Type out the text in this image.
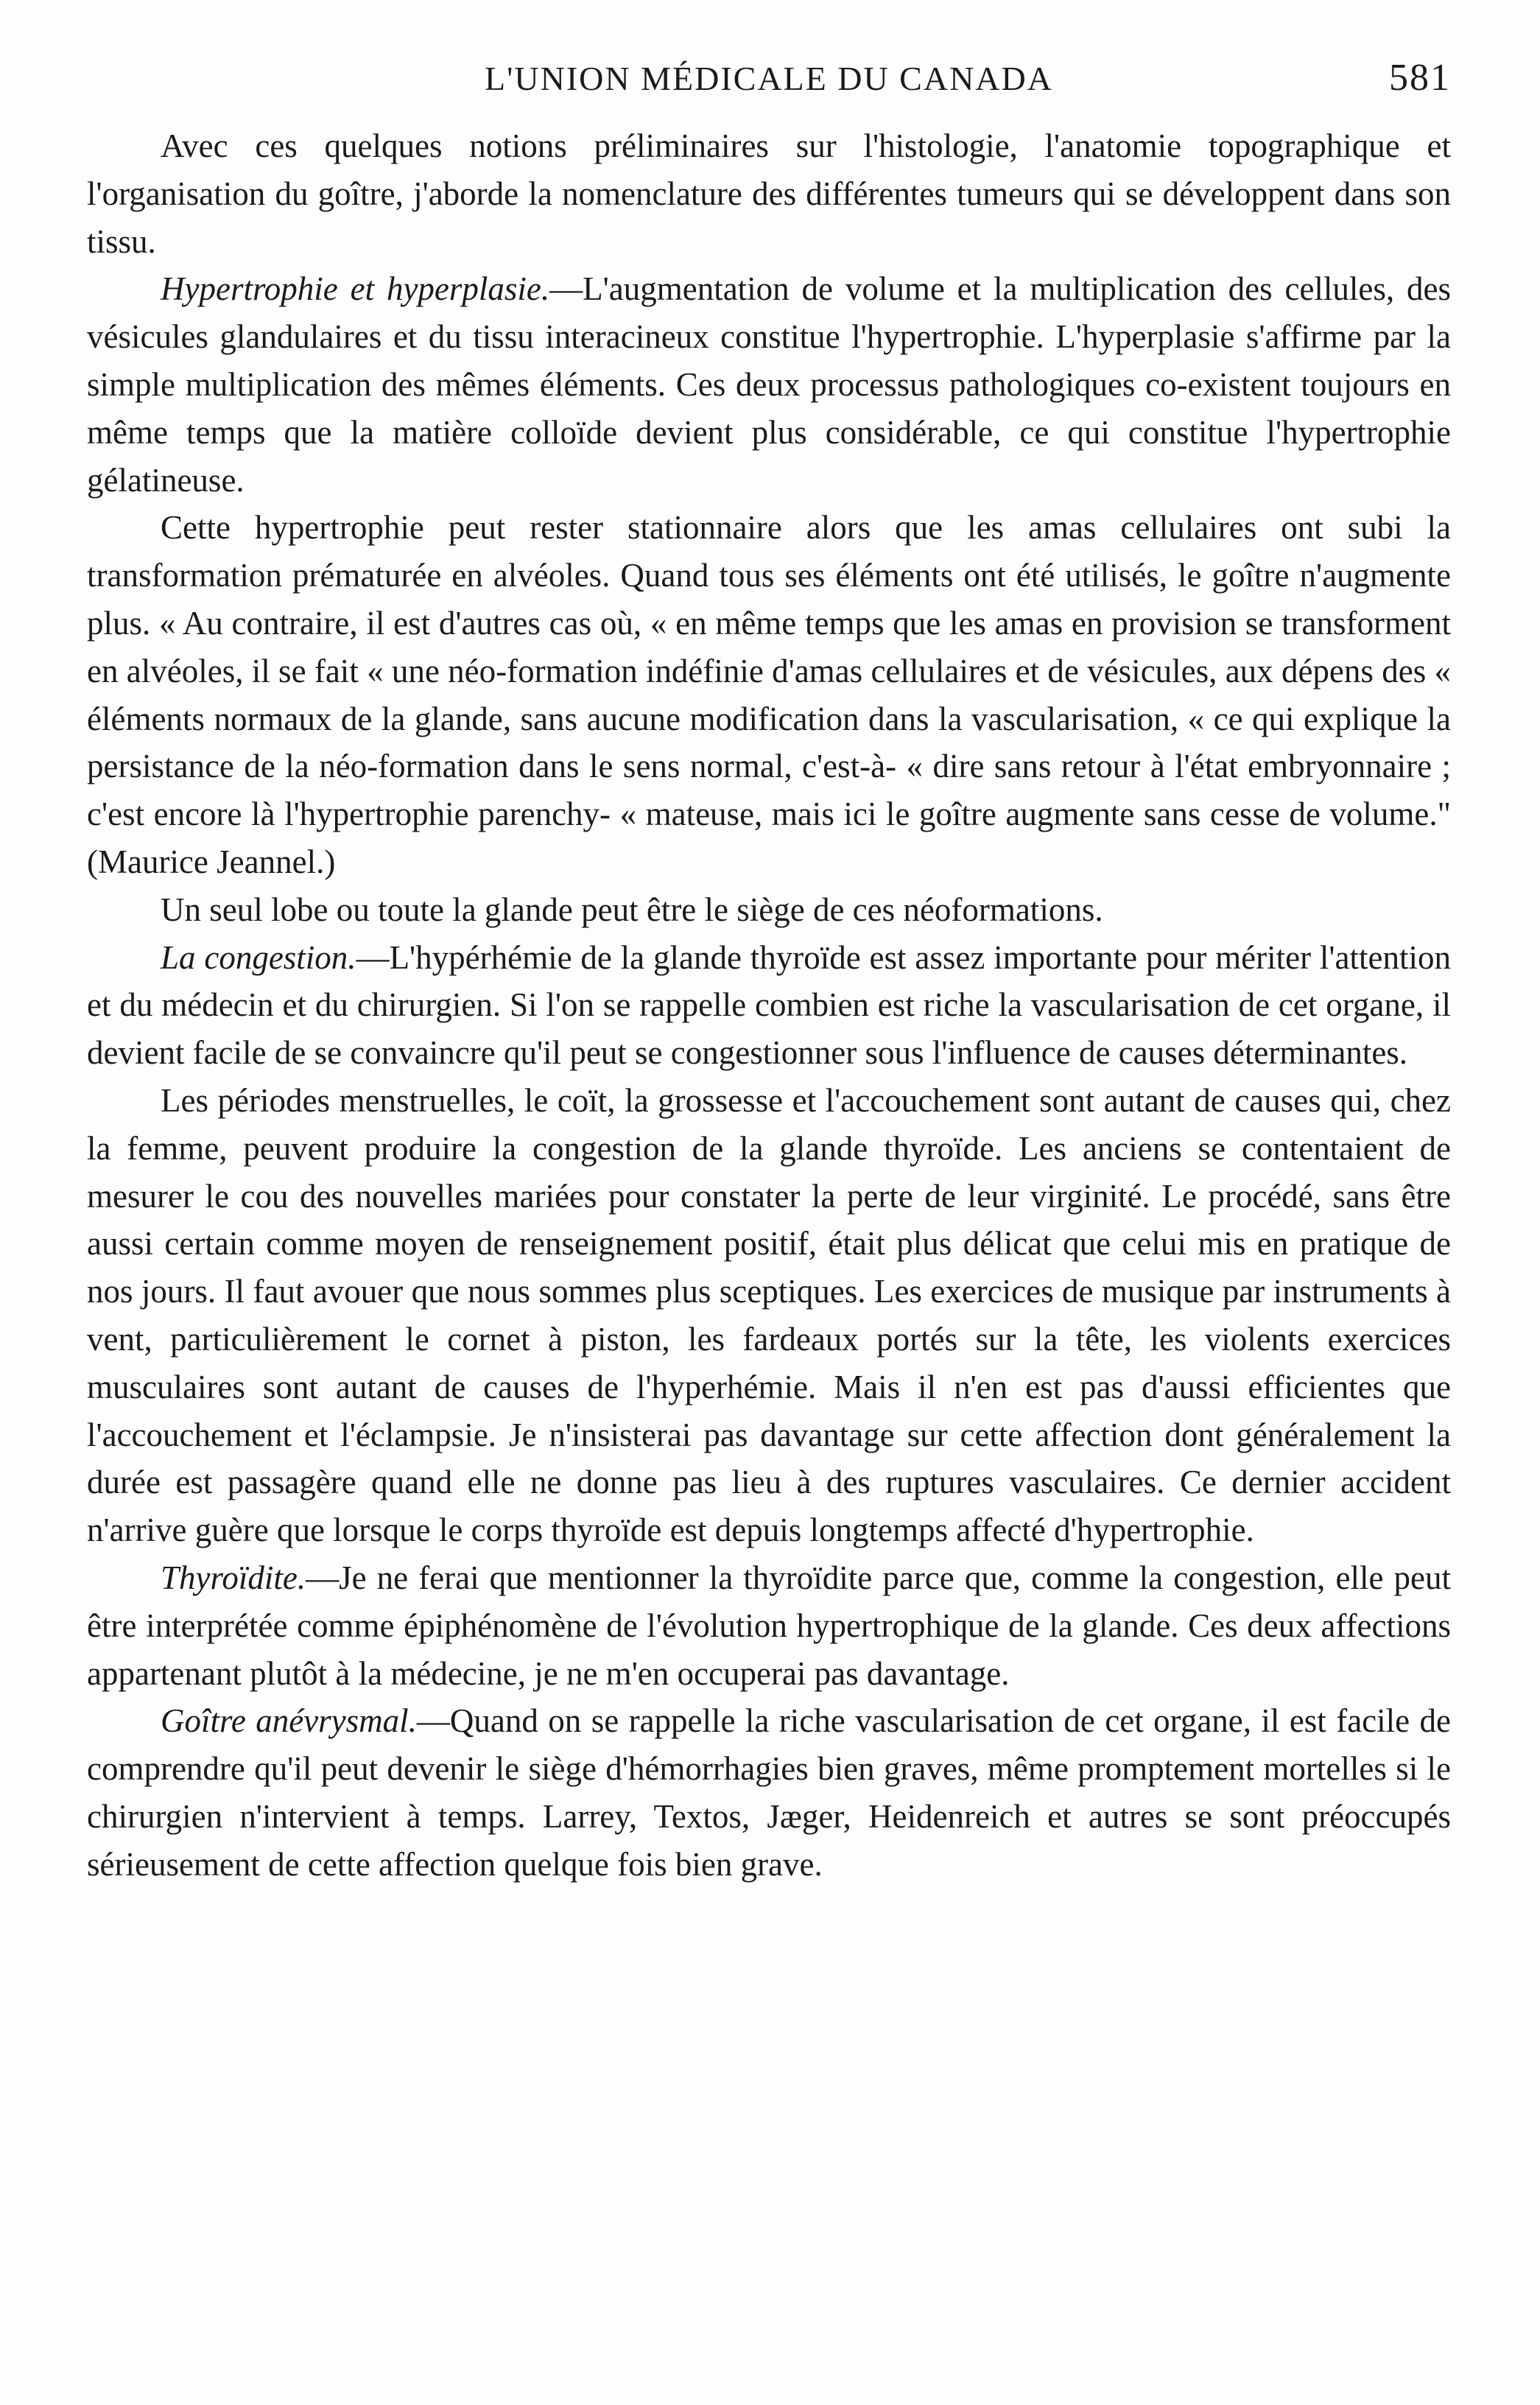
L'UNION MÉDICALE DU CANADA	581

Avec ces quelques notions préliminaires sur l'histologie, l'anatomie topographique et l'organisation du goître, j'aborde la nomenclature des différentes tumeurs qui se développent dans son tissu.

Hypertrophie et hyperplasie.—L'augmentation de volume et la multiplication des cellules, des vésicules glandulaires et du tissu interacineux constitue l'hypertrophie. L'hyperplasie s'affirme par la simple multiplication des mêmes éléments. Ces deux processus pathologiques co-existent toujours en même temps que la matière colloïde devient plus considérable, ce qui constitue l'hypertrophie gélatineuse.

Cette hypertrophie peut rester stationnaire alors que les amas cellulaires ont subi la transformation prématurée en alvéoles. Quand tous ses éléments ont été utilisés, le goître n'augmente plus. « Au contraire, il est d'autres cas où, « en même temps que les amas en provision se transforment en alvéoles, il se fait « une néo-formation indéfinie d'amas cellulaires et de vésicules, aux dépens des « éléments normaux de la glande, sans aucune modification dans la vascularisation, « ce qui explique la persistance de la néo-formation dans le sens normal, c'est-à- « dire sans retour à l'état embryonnaire ; c'est encore là l'hypertrophie parenchy- « mateuse, mais ici le goître augmente sans cesse de volume." (Maurice Jeannel.)

Un seul lobe ou toute la glande peut être le siège de ces néoformations.

La congestion.—L'hypérhémie de la glande thyroïde est assez importante pour mériter l'attention et du médecin et du chirurgien. Si l'on se rappelle combien est riche la vascularisation de cet organe, il devient facile de se convaincre qu'il peut se congestionner sous l'influence de causes déterminantes.

Les périodes menstruelles, le coït, la grossesse et l'accouchement sont autant de causes qui, chez la femme, peuvent produire la congestion de la glande thyroïde. Les anciens se contentaient de mesurer le cou des nouvelles mariées pour constater la perte de leur virginité. Le procédé, sans être aussi certain comme moyen de renseignement positif, était plus délicat que celui mis en pratique de nos jours. Il faut avouer que nous sommes plus sceptiques. Les exercices de musique par instruments à vent, particulièrement le cornet à piston, les fardeaux portés sur la tête, les violents exercices musculaires sont autant de causes de l'hyperhémie. Mais il n'en est pas d'aussi efficientes que l'accouchement et l'éclampsie. Je n'insisterai pas davantage sur cette affection dont généralement la durée est passagère quand elle ne donne pas lieu à des ruptures vasculaires. Ce dernier accident n'arrive guère que lorsque le corps thyroïde est depuis longtemps affecté d'hypertrophie.

Thyroïdite.—Je ne ferai que mentionner la thyroïdite parce que, comme la congestion, elle peut être interprétée comme épiphénomène de l'évolution hypertrophique de la glande. Ces deux affections appartenant plutôt à la médecine, je ne m'en occuperai pas davantage.

Goître anévrysmal.—Quand on se rappelle la riche vascularisation de cet organe, il est facile de comprendre qu'il peut devenir le siège d'hémorrhagies bien graves, même promptement mortelles si le chirurgien n'intervient à temps. Larrey, Textos, Jæger, Heidenreich et autres se sont préoccupés sérieusement de cette affection quelque fois bien grave.
